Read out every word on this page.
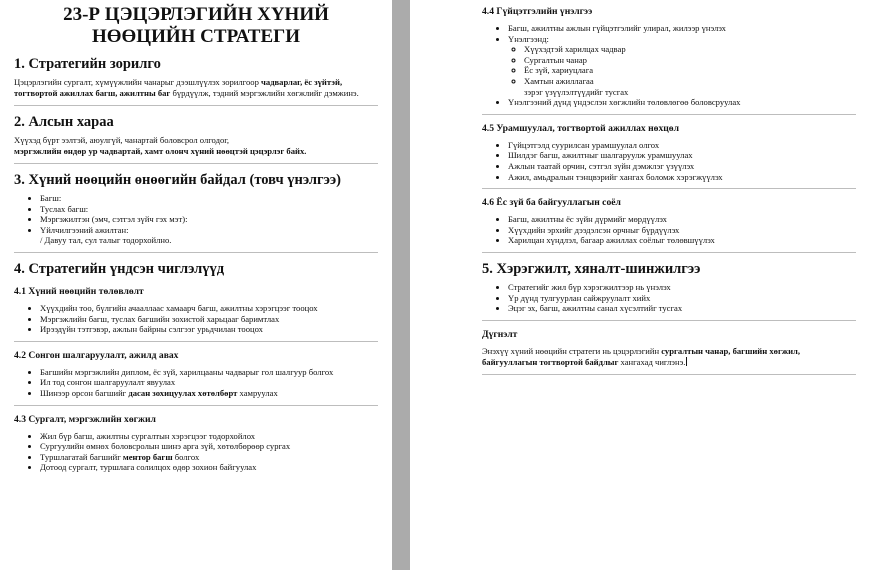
23-Р ЦЭЦЭРЛЭГИЙН ХҮНИЙ
НӨӨЦИЙН СТРАТЕГИ
1. Стратегийн зорилго

Цэцэрлэгийн сургалт, хүмүүжлийн чанарыг дээшлүүлэх зорилгоор чадварлаг, ёс зүйтэй, тогтвортой ажиллах багш, ажилтны баг бүрдүүлж, тэдний мэргэжлийн хөгжлийг дэмжинэ.

2. Алсын хараа

Хүүхэд бүрт ээлтэй, аюулгүй, чанартай боловсрол олгодог,
мэргэжлийн өндөр ур чадвартай, хамт олонч хүний нөөцтэй цэцэрлэг байх.

3. Хүний нөөцийн өнөөгийн байдал (товч үнэлгээ)
• Багш:
• Туслах багш:
• Мэргэжилтэн (эмч, сэтгэл зүйч гэх мэт):
• Үйлчилгээний ажилтан:
/ Давуу тал, сул талыг тодорхойлно.
4. Стратегийн үндсэн чиглэлүүд
4.1 Хүний нөөцийн төлөвлөлт
• Хүүхдийн тоо, бүлгийн ачааллаас хамаарч багш, ажилтны хэрэгцээг тооцох
• Мэргэжлийн багш, туслах багшийн зохистой харьцааг баримтлах
• Ирээдүйн тэтгэвэр, ажлын байрны сэлгээг урьдчилан тооцох
4.2 Сонгон шалгаруулалт, ажилд авах
• Багшийн мэргэжлийн диплом, ёс зүй, харилцааны чадварыг гол шалгуур болгох
• Ил тод сонгон шалгаруулалт явуулах
• Шинээр орсон багшийг дасан зохицуулах хөтөлбөрт хамруулах
4.3 Сургалт, мэргэжлийн хөгжил
• Жил бүр багш, ажилтны сургалтын хэрэгцээг тодорхойлох
• Сургуулийн өмнөх боловсролын шинэ арга зүй, хөтөлбөрөөр сургах
• Туршлагатай багшийг ментор багш болгох
• Дотоод сургалт, туршлага солилцох өдөр зохион байгуулах
4.4 Гүйцэтгэлийн үнэлгээ
• Багш, ажилтны ажлын гүйцэтгэлийг улирал, жилээр үнэлэх
• Үнэлгээнд:
◦ Хүүхэдтэй харилцах чадвар
◦ Сургалтын чанар
◦ Ёс зүй, хариуцлага
◦ Хамтын ажиллагаа
зэрэг үзүүлэлтүүдийг тусгах
• Үнэлгээний дүнд үндэслэн хөгжлийн төлөвлөгөө боловсруулах
4.5 Урамшуулал, тогтвортой ажиллах нөхцөл
• Гүйцэтгэлд суурилсан урамшуулал олгох
• Шилдэг багш, ажилтныг шалгаруулж урамшуулах
• Ажлын таатай орчин, сэтгэл зүйн дэмжлэг үзүүлэх
• Ажил, амьдралын тэнцвэрийг хангах боломж хэрэгжүүлэх
4.6 Ёс зүй ба байгууллагын соёл
• Багш, ажилтны ёс зүйн дүрмийг мөрдүүлэх
• Хүүхдийн эрхийг дээдэлсэн орчныг бүрдүүлэх
• Харилцан хүндлэл, багаар ажиллах соёлыг төлөвшүүлэх
5. Хэрэгжилт, хяналт-шинжилгээ
• Стратегийг жил бүр хэрэгжилтээр нь үнэлэх
• Үр дүнд тулгуурлан сайжруулалт хийх
• Эцэг эх, багш, ажилтны санал хүсэлтийг тусгах
Дүгнэлт

Энэхүү хүний нөөцийн стратеги нь цэцэрлэгийн сургалтын чанар, багшийн хөгжил, байгууллагын тогтвортой байдлыг хангахад чиглэнэ.
